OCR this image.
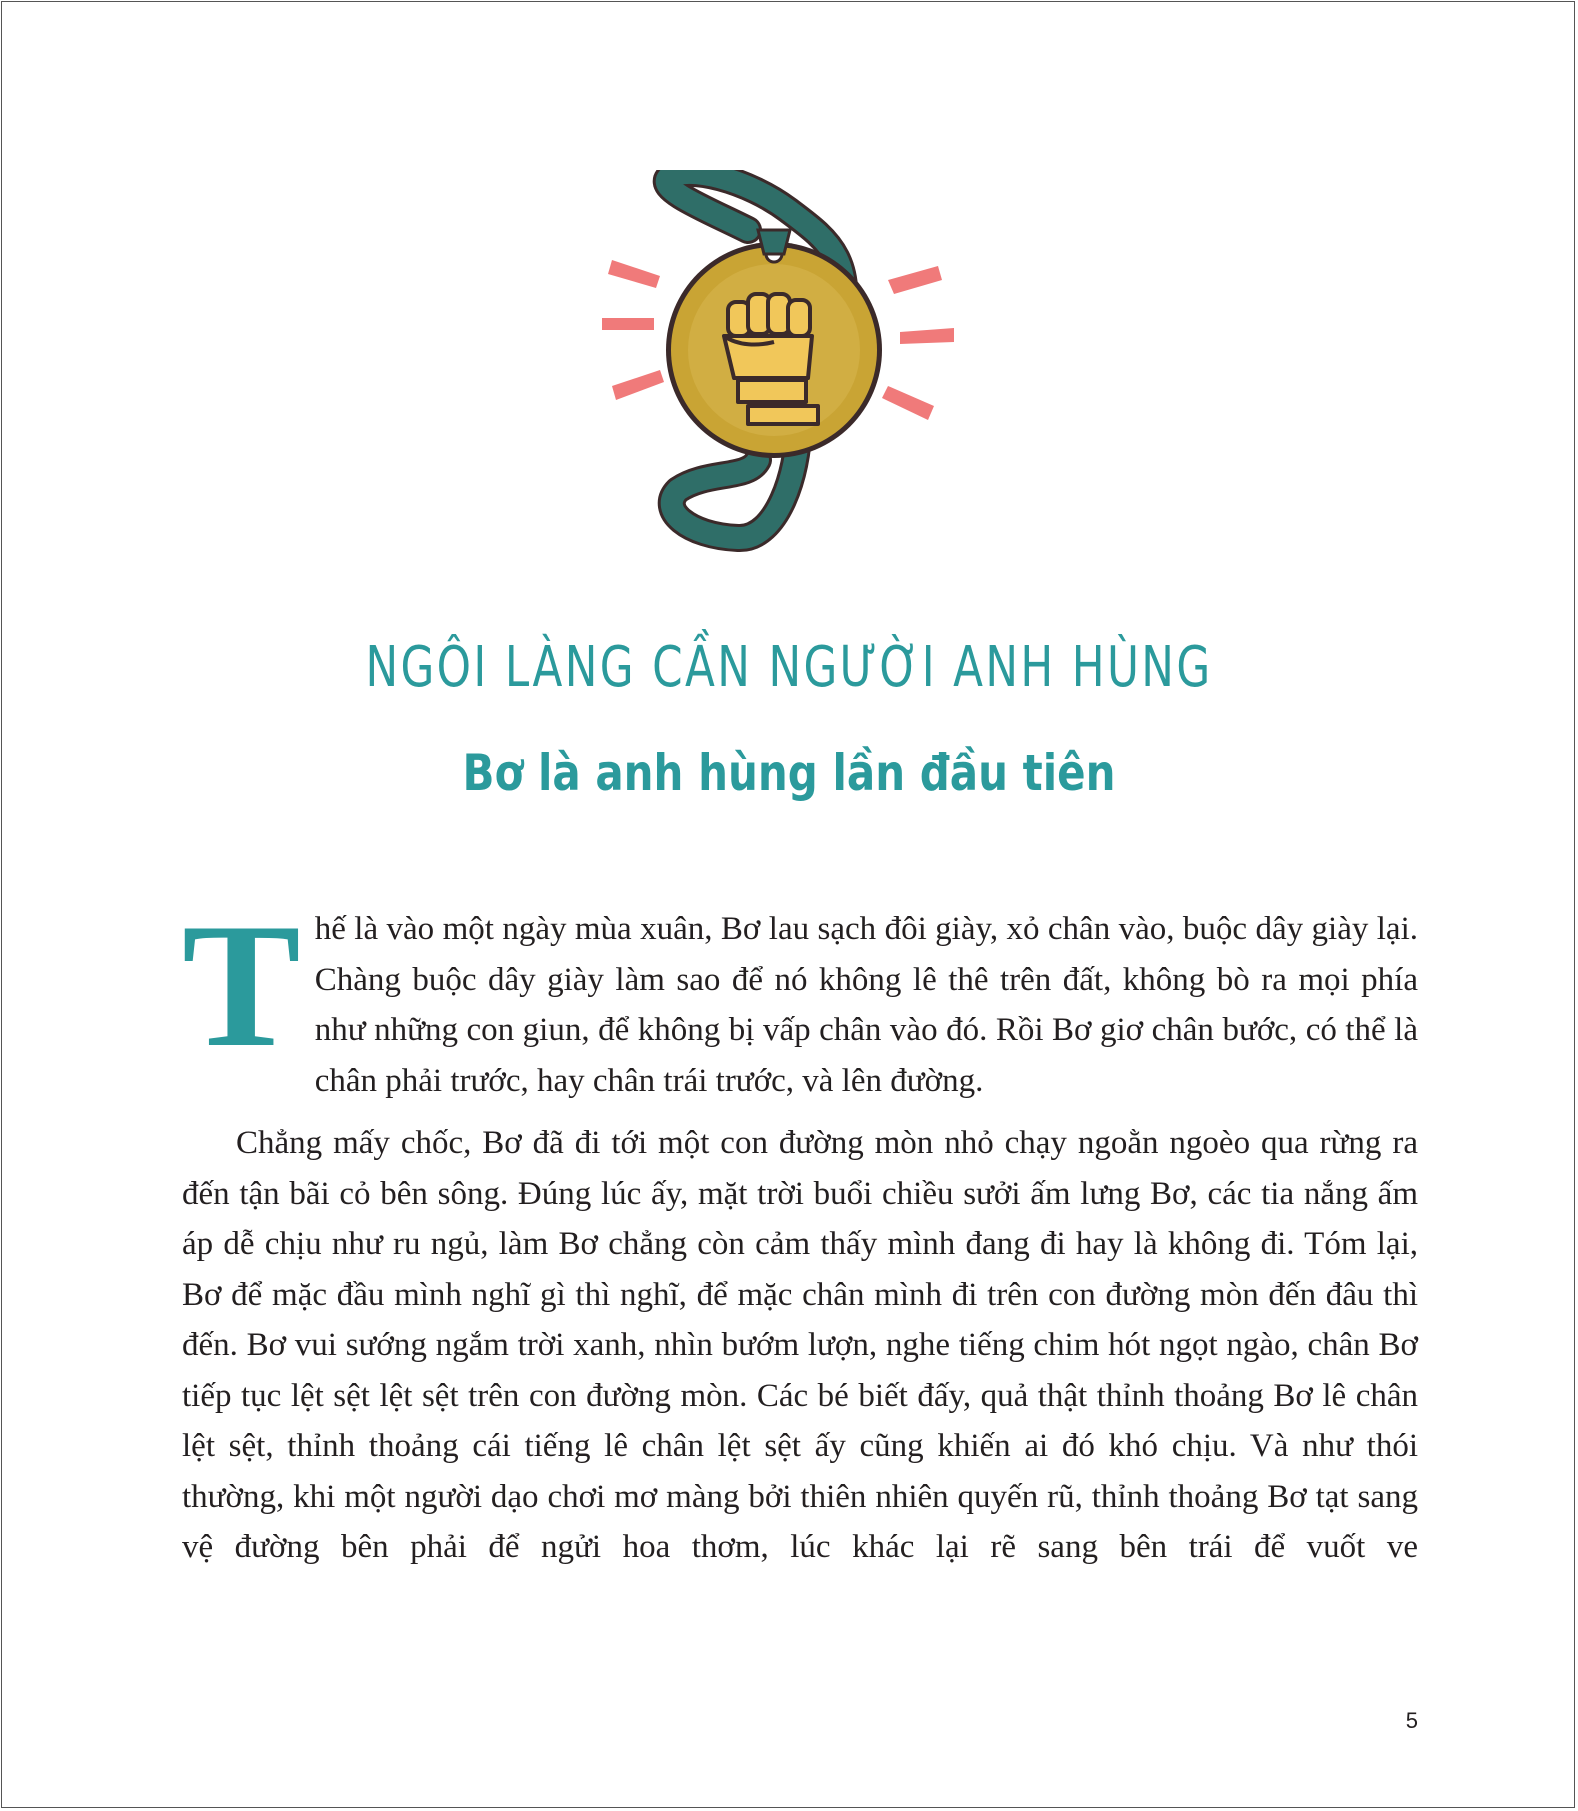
NGÔI LÀNG CẦN NGƯỜI ANH HÙNG
Bơ là anh hùng lần đầu tiên

Thế là vào một ngày mùa xuân, Bơ lau sạch đôi giày, xỏ chân vào, buộc dây giày lại. Chàng buộc dây giày làm sao để nó không lê thê trên đất, không bò ra mọi phía như những con giun, để không bị vấp chân vào đó. Rồi Bơ giơ chân bước, có thể là chân phải trước, hay chân trái trước, và lên đường.

Chẳng mấy chốc, Bơ đã đi tới một con đường mòn nhỏ chạy ngoằn ngoèo qua rừng ra đến tận bãi cỏ bên sông. Đúng lúc ấy, mặt trời buổi chiều sưởi ấm lưng Bơ, các tia nắng ấm áp dễ chịu như ru ngủ, làm Bơ chẳng còn cảm thấy mình đang đi hay là không đi. Tóm lại, Bơ để mặc đầu mình nghĩ gì thì nghĩ, để mặc chân mình đi trên con đường mòn đến đâu thì đến. Bơ vui sướng ngắm trời xanh, nhìn bướm lượn, nghe tiếng chim hót ngọt ngào, chân Bơ tiếp tục lệt sệt lệt sệt trên con đường mòn. Các bé biết đấy, quả thật thỉnh thoảng Bơ lê chân lệt sệt, thỉnh thoảng cái tiếng lê chân lệt sệt ấy cũng khiến ai đó khó chịu. Và như thói thường, khi một người dạo chơi mơ màng bởi thiên nhiên quyến rũ, thỉnh thoảng Bơ tạt sang vệ đường bên phải để ngửi hoa thơm, lúc khác lại rẽ sang bên trái để vuốt ve

5
